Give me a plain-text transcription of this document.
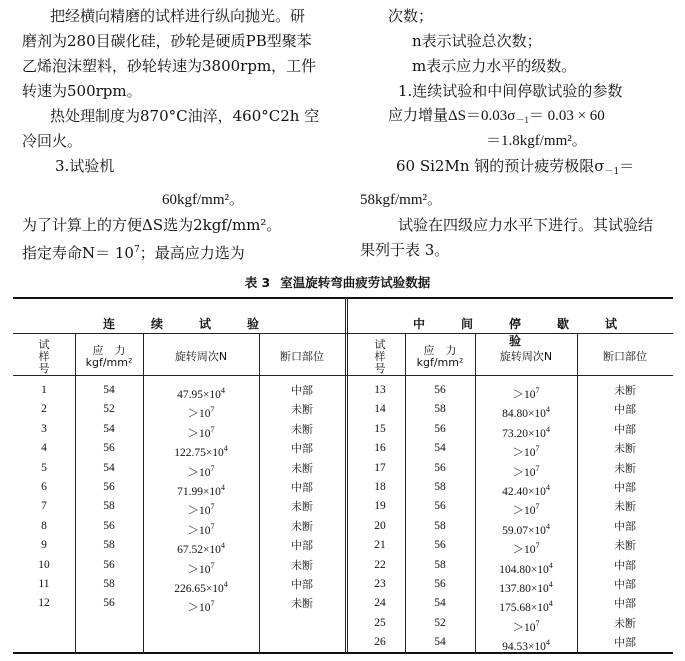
把经横向精磨的试样进行纵向抛光。研
磨剂为280目碳化硅，砂轮是硬质PB型聚苯
乙烯泡沫塑料，砂轮转速为3800rpm，工件
转速为500rpm。
热处理制度为870°C油淬，460°C2h 空
冷回火。
3.试验机
次数；
n表示试验总次数；
m表示应力水平的级数。
1.连续试验和中间停歇试验的参数
应力增量$\Delta S=0.03\sigma_{-1}= 0.03 \times 60$
＝1.8kgf/mm²。
60 Si2Mn 钢的预计疲劳极限$\sigma_{-1}=$
60kgf/mm²。	58kgf/mm²。
为了计算上的方便ΔS选为2kgf/mm²。
指定寿命$N= 10^7$；最高应力选为
试验在四级应力水平下进行。其试验结
果列于表 3。
表 3 室温旋转弯曲疲劳试验数据
连续试验	中间停歇试验
试样号
应　力
kgf/mm²	旋转周次N	断口部位
试样号
应　力
kgf/mm²	旋转周次N	断口部位
1	54	$47.95\times 10^4$	中部
2	52	$>10^7$	未断
3	54	$>10^7$	未断
4	56	$122.75\times 10^4$	中部
5	54	$>10^7$	未断
6	56	$71.99\times 10^4$	中部
7	58	$>10^7$	未断
8	56	$>10^7$	未断
9	58	$67.52\times 10^4$	中部
10	56	$>10^7$	未断
11	58	$226.65\times 10^4$	中部
12	56	$>10^7$	未断
13	56	$>10^7$	未断
14	58	$84.80\times 10^4$	中部
15	56	$73.20\times 10^4$	中部
16	54	$>10^7$	未断
17	56	$>10^7$	未断
18	58	$42.40\times 10^4$	中部
19	56	$>10^7$	未断
20	58	$59.07\times 10^4$	中部
21	56	$>10^7$	未断
22	58	$104.80\times 10^4$	中部
23	56	$137.80\times 10^4$	中部
24	54	$175.68\times 10^4$	中部
25	52	$>10^7$	未断
26	54	$94.53\times 10^4$	中部
